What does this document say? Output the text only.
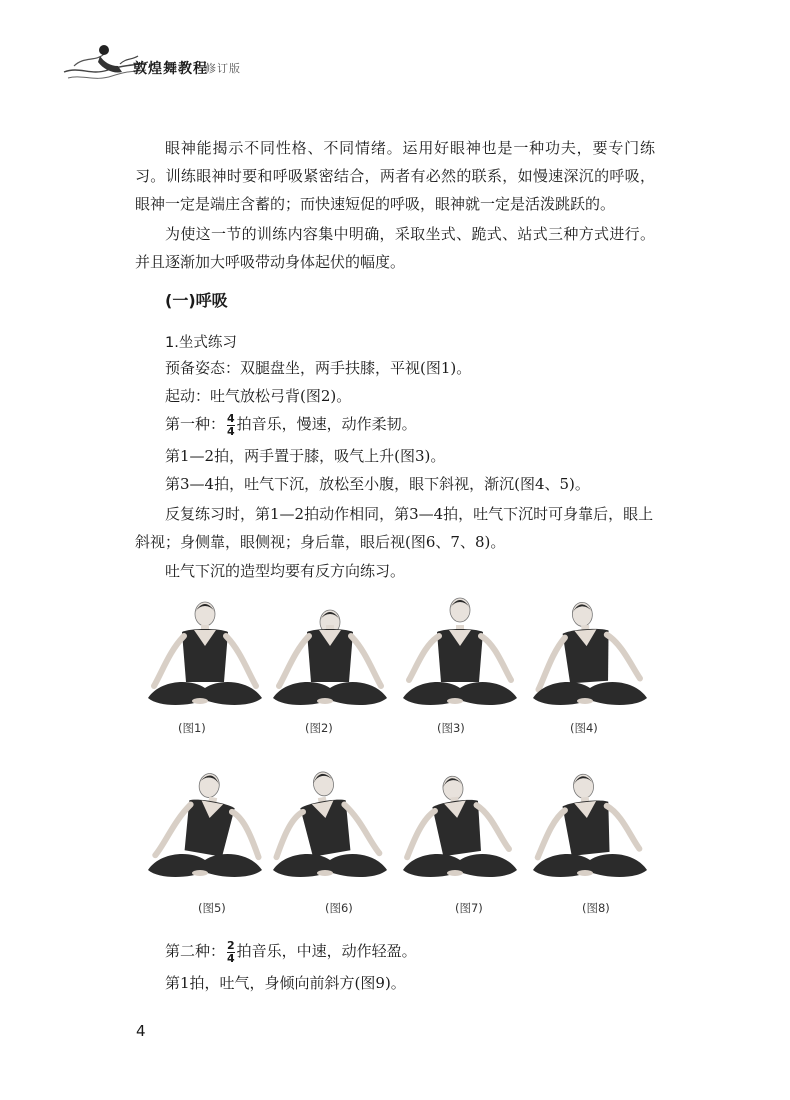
敦煌舞教程
修订版

眼神能揭示不同性格、不同情绪。运用好眼神也是一种功夫，要专门练习。训练眼神时要和呼吸紧密结合，两者有必然的联系，如慢速深沉的呼吸，眼神一定是端庄含蓄的；而快速短促的呼吸，眼神就一定是活泼跳跃的。

为使这一节的训练内容集中明确，采取坐式、跪式、站式三种方式进行。并且逐渐加大呼吸带动身体起伏的幅度。

(一)呼吸
1.坐式练习
预备姿态：双腿盘坐，两手扶膝，平视(图1)。
起动：吐气放松弓背(图2)。
第一种： $\frac{4}{4}$ 拍音乐，慢速，动作柔韧。
第1—2拍，两手置于膝，吸气上升(图3)。
第3—4拍，吐气下沉，放松至小腹，眼下斜视，渐沉(图4、5)。

反复练习时，第1—2拍动作相同，第3—4拍，吐气下沉时可身靠后，眼上斜视；身侧靠，眼侧视；身后靠，眼后视(图6、7、8)。

吐气下沉的造型均要有反方向练习。
(图1)	(图2)	(图3)	(图4)
(图5)	(图6)	(图7)	(图8)
第二种： $\frac{2}{4}$ 拍音乐，中速，动作轻盈。
第1拍，吐气，身倾向前斜方(图9)。
4
